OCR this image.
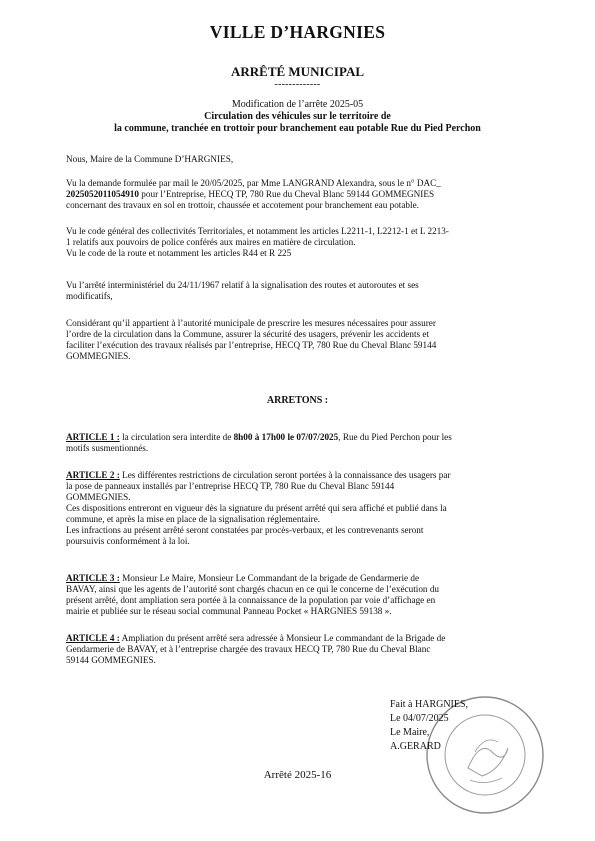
VILLE D’HARGNIES
ARRÊTÉ MUNICIPAL
-------------
Modification de l’arrête 2025-05
Circulation des véhicules sur le territoire de
la commune, tranchée en trottoir pour branchement eau potable Rue du Pied Perchon

Nous, Maire de la Commune D’HARGNIES,

Vu la demande formulée par mail le 20/05/2025, par Mme LANGRAND Alexandra, sous le n° DAC_
2025052011054910 pour l’Entreprise, HECQ TP, 780 Rue du Cheval Blanc 59144 GOMMEGNIES
concernant des travaux en sol en trottoir, chaussée et accotement pour branchement eau potable.

Vu le code général des collectivités Territoriales, et notamment les articles L2211-1, L2212-1 et L 2213-
1 relatifs aux pouvoirs de police conférés aux maires en matière de circulation.
Vu le code de la route et notamment les articles R44 et R 225

Vu l’arrêté interministériel du 24/11/1967 relatif à la signalisation des routes et autoroutes et ses
modificatifs,

Considérant qu’il appartient à l’autorité municipale de prescrire les mesures nécessaires pour assurer
l’ordre de la circulation dans la Commune, assurer la sécurité des usagers, prévenir les accidents et
faciliter l’exécution des travaux réalisés par l’entreprise, HECQ TP, 780 Rue du Cheval Blanc 59144
GOMMEGNIES.

ARRETONS :

ARTICLE 1 : la circulation sera interdite de 8h00 à 17h00 le 07/07/2025, Rue du Pied Perchon pour les
motifs susmentionnés.

ARTICLE 2 : Les différentes restrictions de circulation seront portées à la connaissance des usagers par
la pose de panneaux installés par l’entreprise HECQ TP, 780 Rue du Cheval Blanc 59144
GOMMEGNIES.
Ces dispositions entreront en vigueur dès la signature du présent arrêté qui sera affiché et publié dans la
commune, et après la mise en place de la signalisation réglementaire.
Les infractions au présent arrêté seront constatées par procès-verbaux, et les contrevenants seront
poursuivis conformément à la loi.

ARTICLE 3 : Monsieur Le Maire, Monsieur Le Commandant de la brigade de Gendarmerie de
BAVAY, ainsi que les agents de l’autorité sont chargés chacun en ce qui le concerne de l’exécution du
présent arrêté, dont ampliation sera portée à la connaissance de la population par voie d’affichage en
mairie et publiée sur le réseau social communal Panneau Pocket « HARGNIES 59138 ».

ARTICLE 4 : Ampliation du présent arrêté sera adressée à Monsieur Le commandant de la Brigade de
Gendarmerie de BAVAY, et à l’entreprise chargée des travaux HECQ TP, 780 Rue du Cheval Blanc
59144 GOMMEGNIES.

Fait à HARGNIES,
Le 04/07/2025
Le Maire,
A.GERARD
Arrêté 2025-16
